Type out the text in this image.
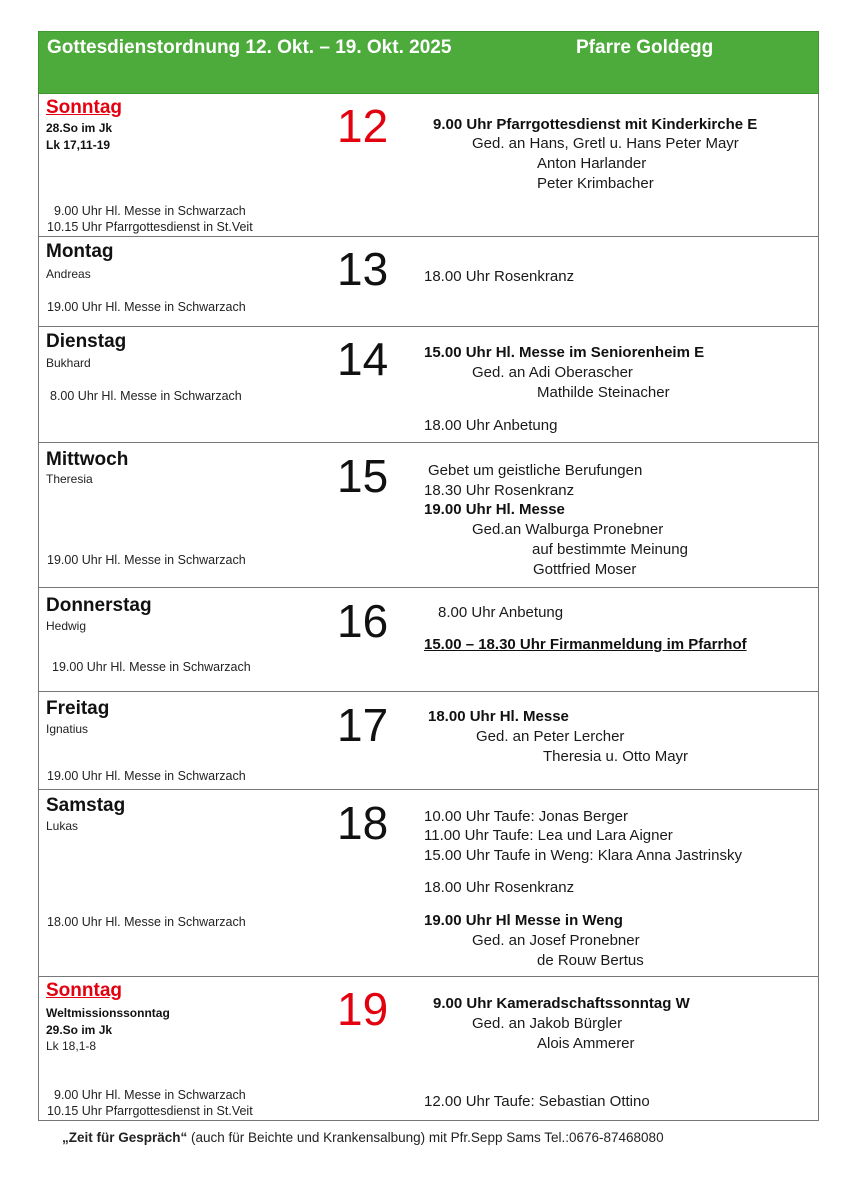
Gottesdienstordnung 12. Okt. – 19. Okt. 2025	Pfarre Goldegg
Sonntag
28.So im Jk
Lk 17,11-19
9.00 Uhr Hl. Messe in Schwarzach
10.15 Uhr Pfarrgottesdienst in St.Veit
12	9.00 Uhr Pfarrgottesdienst mit Kinderkirche E
Ged. an Hans, Gretl u. Hans Peter Mayr
Anton Harlander
Peter Krimbacher
Montag
Andreas
19.00 Uhr Hl. Messe in Schwarzach
13 18.00 Uhr Rosenkranz
Dienstag
Bukhard
8.00 Uhr Hl. Messe in Schwarzach
14 15.00 Uhr Hl. Messe im Seniorenheim E
Ged. an Adi Oberascher
Mathilde Steinacher
18.00 Uhr Anbetung
Mittwoch
Theresia
19.00 Uhr Hl. Messe in Schwarzach
15	Gebet um geistliche Berufungen
18.30 Uhr Rosenkranz
19.00 Uhr Hl. Messe
Ged.an Walburga Pronebner
auf bestimmte Meinung
Gottfried Moser
Donnerstag
Hedwig
19.00 Uhr Hl. Messe in Schwarzach
16	8.00 Uhr Anbetung
15.00 – 18.30 Uhr Firmanmeldung im Pfarrhof
Freitag
Ignatius
19.00 Uhr Hl. Messe in Schwarzach
17	18.00 Uhr Hl. Messe
Ged. an Peter Lercher
Theresia u. Otto Mayr
Samstag
Lukas
18.00 Uhr Hl. Messe in Schwarzach
18 10.00 Uhr Taufe: Jonas Berger
11.00 Uhr Taufe: Lea und Lara Aigner
15.00 Uhr Taufe in Weng: Klara Anna Jastrinsky
18.00 Uhr Rosenkranz
19.00 Uhr Hl Messe in Weng
Ged. an Josef Pronebner
de Rouw Bertus
Sonntag
Weltmissionssonntag
29.So im Jk
Lk 18,1-8
9.00 Uhr Hl. Messe in Schwarzach
10.15 Uhr Pfarrgottesdienst in St.Veit
19	9.00 Uhr Kameradschaftssonntag W
Ged. an Jakob Bürgler
Alois Ammerer
12.00 Uhr Taufe: Sebastian Ottino
„Zeit für Gespräch“ (auch für Beichte und Krankensalbung) mit Pfr.Sepp Sams Tel.:0676-87468080
